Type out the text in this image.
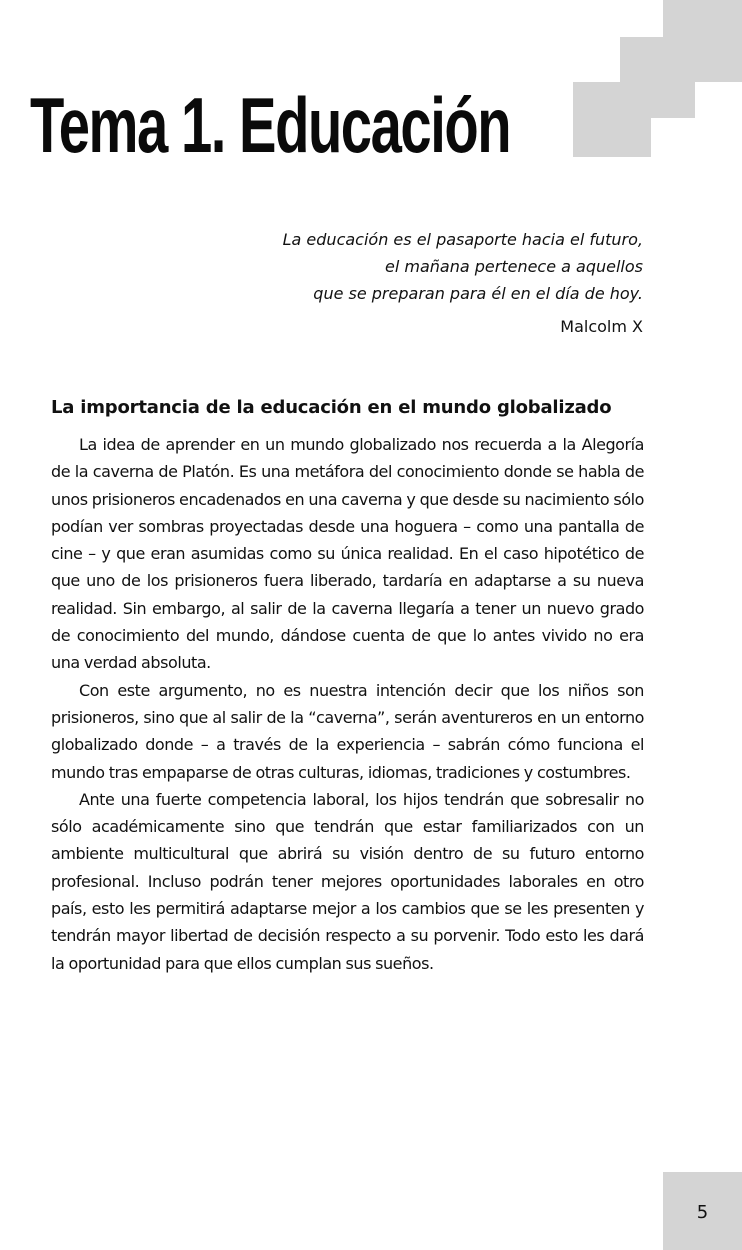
Tema 1. Educación
La educación es el pasaporte hacia el futuro,
el mañana pertenece a aquellos
que se preparan para él en el día de hoy.
Malcolm X
La importancia de la educación en el mundo globalizado

La idea de aprender en un mundo globalizado nos recuerda a la Alegoría de la caverna de Platón. Es una metáfora del conocimiento donde se habla de unos prisioneros encadenados en una caverna y que desde su nacimiento sólo podían ver sombras proyectadas desde una hoguera – como una pantalla de cine – y que eran asumidas como su única realidad. En el caso hipotético de que uno de los prisioneros fuera liberado, tardaría en adaptarse a su nueva realidad. Sin embargo, al salir de la caverna llegaría a tener un nuevo grado de conocimiento del mundo, dándose cuenta de que lo antes vivido no era una verdad absoluta.

Con este argumento, no es nuestra intención decir que los niños son prisioneros, sino que al salir de la “caverna”, serán aventureros en un entorno globalizado donde – a través de la experiencia – sabrán cómo funciona el mundo tras empaparse de otras culturas, idiomas, tradiciones y costumbres.

Ante una fuerte competencia laboral, los hijos tendrán que sobresalir no sólo académicamente sino que tendrán que estar familiarizados con un ambiente multicultural que abrirá su visión dentro de su futuro entorno profesional. Incluso podrán tener mejores oportunidades laborales en otro país, esto les permitirá adaptarse mejor a los cambios que se les presenten y tendrán mayor libertad de decisión respecto a su porvenir. Todo esto les dará la oportunidad para que ellos cumplan sus sueños.

5
